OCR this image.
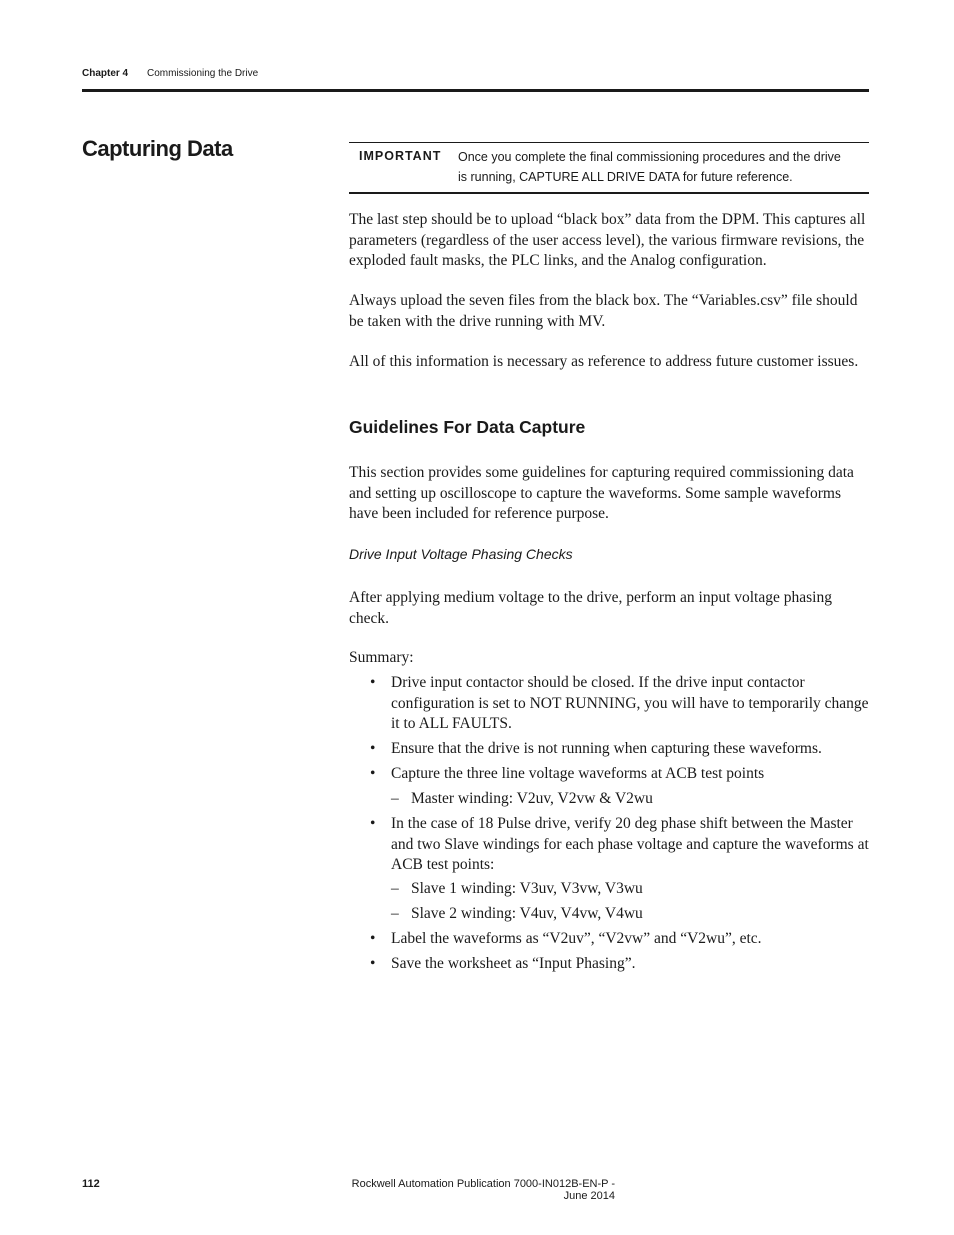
Chapter 4 Commissioning the Drive
Capturing Data	IMPORTANT Once you complete the final commissioning procedures and the drive is running, CAPTURE ALL DRIVE DATA for future reference.

The last step should be to upload “black box” data from the DPM. This captures all parameters (regardless of the user access level), the various firmware revisions, the exploded fault masks, the PLC links, and the Analog configuration.

Always upload the seven files from the black box. The “Variables.csv” file should be taken with the drive running with MV.

All of this information is necessary as reference to address future customer issues.

Guidelines For Data Capture

This section provides some guidelines for capturing required commissioning data and setting up oscilloscope to capture the waveforms. Some sample waveforms have been included for reference purpose.

Drive Input Voltage Phasing Checks

After applying medium voltage to the drive, perform an input voltage phasing check.

Summary:

• Drive input contactor should be closed. If the drive input contactor configuration is set to NOT RUNNING, you will have to temporarily change it to ALL FAULTS.
• Ensure that the drive is not running when capturing these waveforms.
• Capture the three line voltage waveforms at ACB test points
– Master winding: V2uv, V2vw & V2wu
• In the case of 18 Pulse drive, verify 20 deg phase shift between the Master and two Slave windings for each phase voltage and capture the waveforms at ACB test points:
– Slave 1 winding: V3uv, V3vw, V3wu
– Slave 2 winding: V4uv, V4vw, V4wu
• Label the waveforms as “V2uv”, “V2vw” and “V2wu”, etc.
• Save the worksheet as “Input Phasing”.
112	Rockwell Automation Publication 7000-IN012B-EN-P - June 2014
